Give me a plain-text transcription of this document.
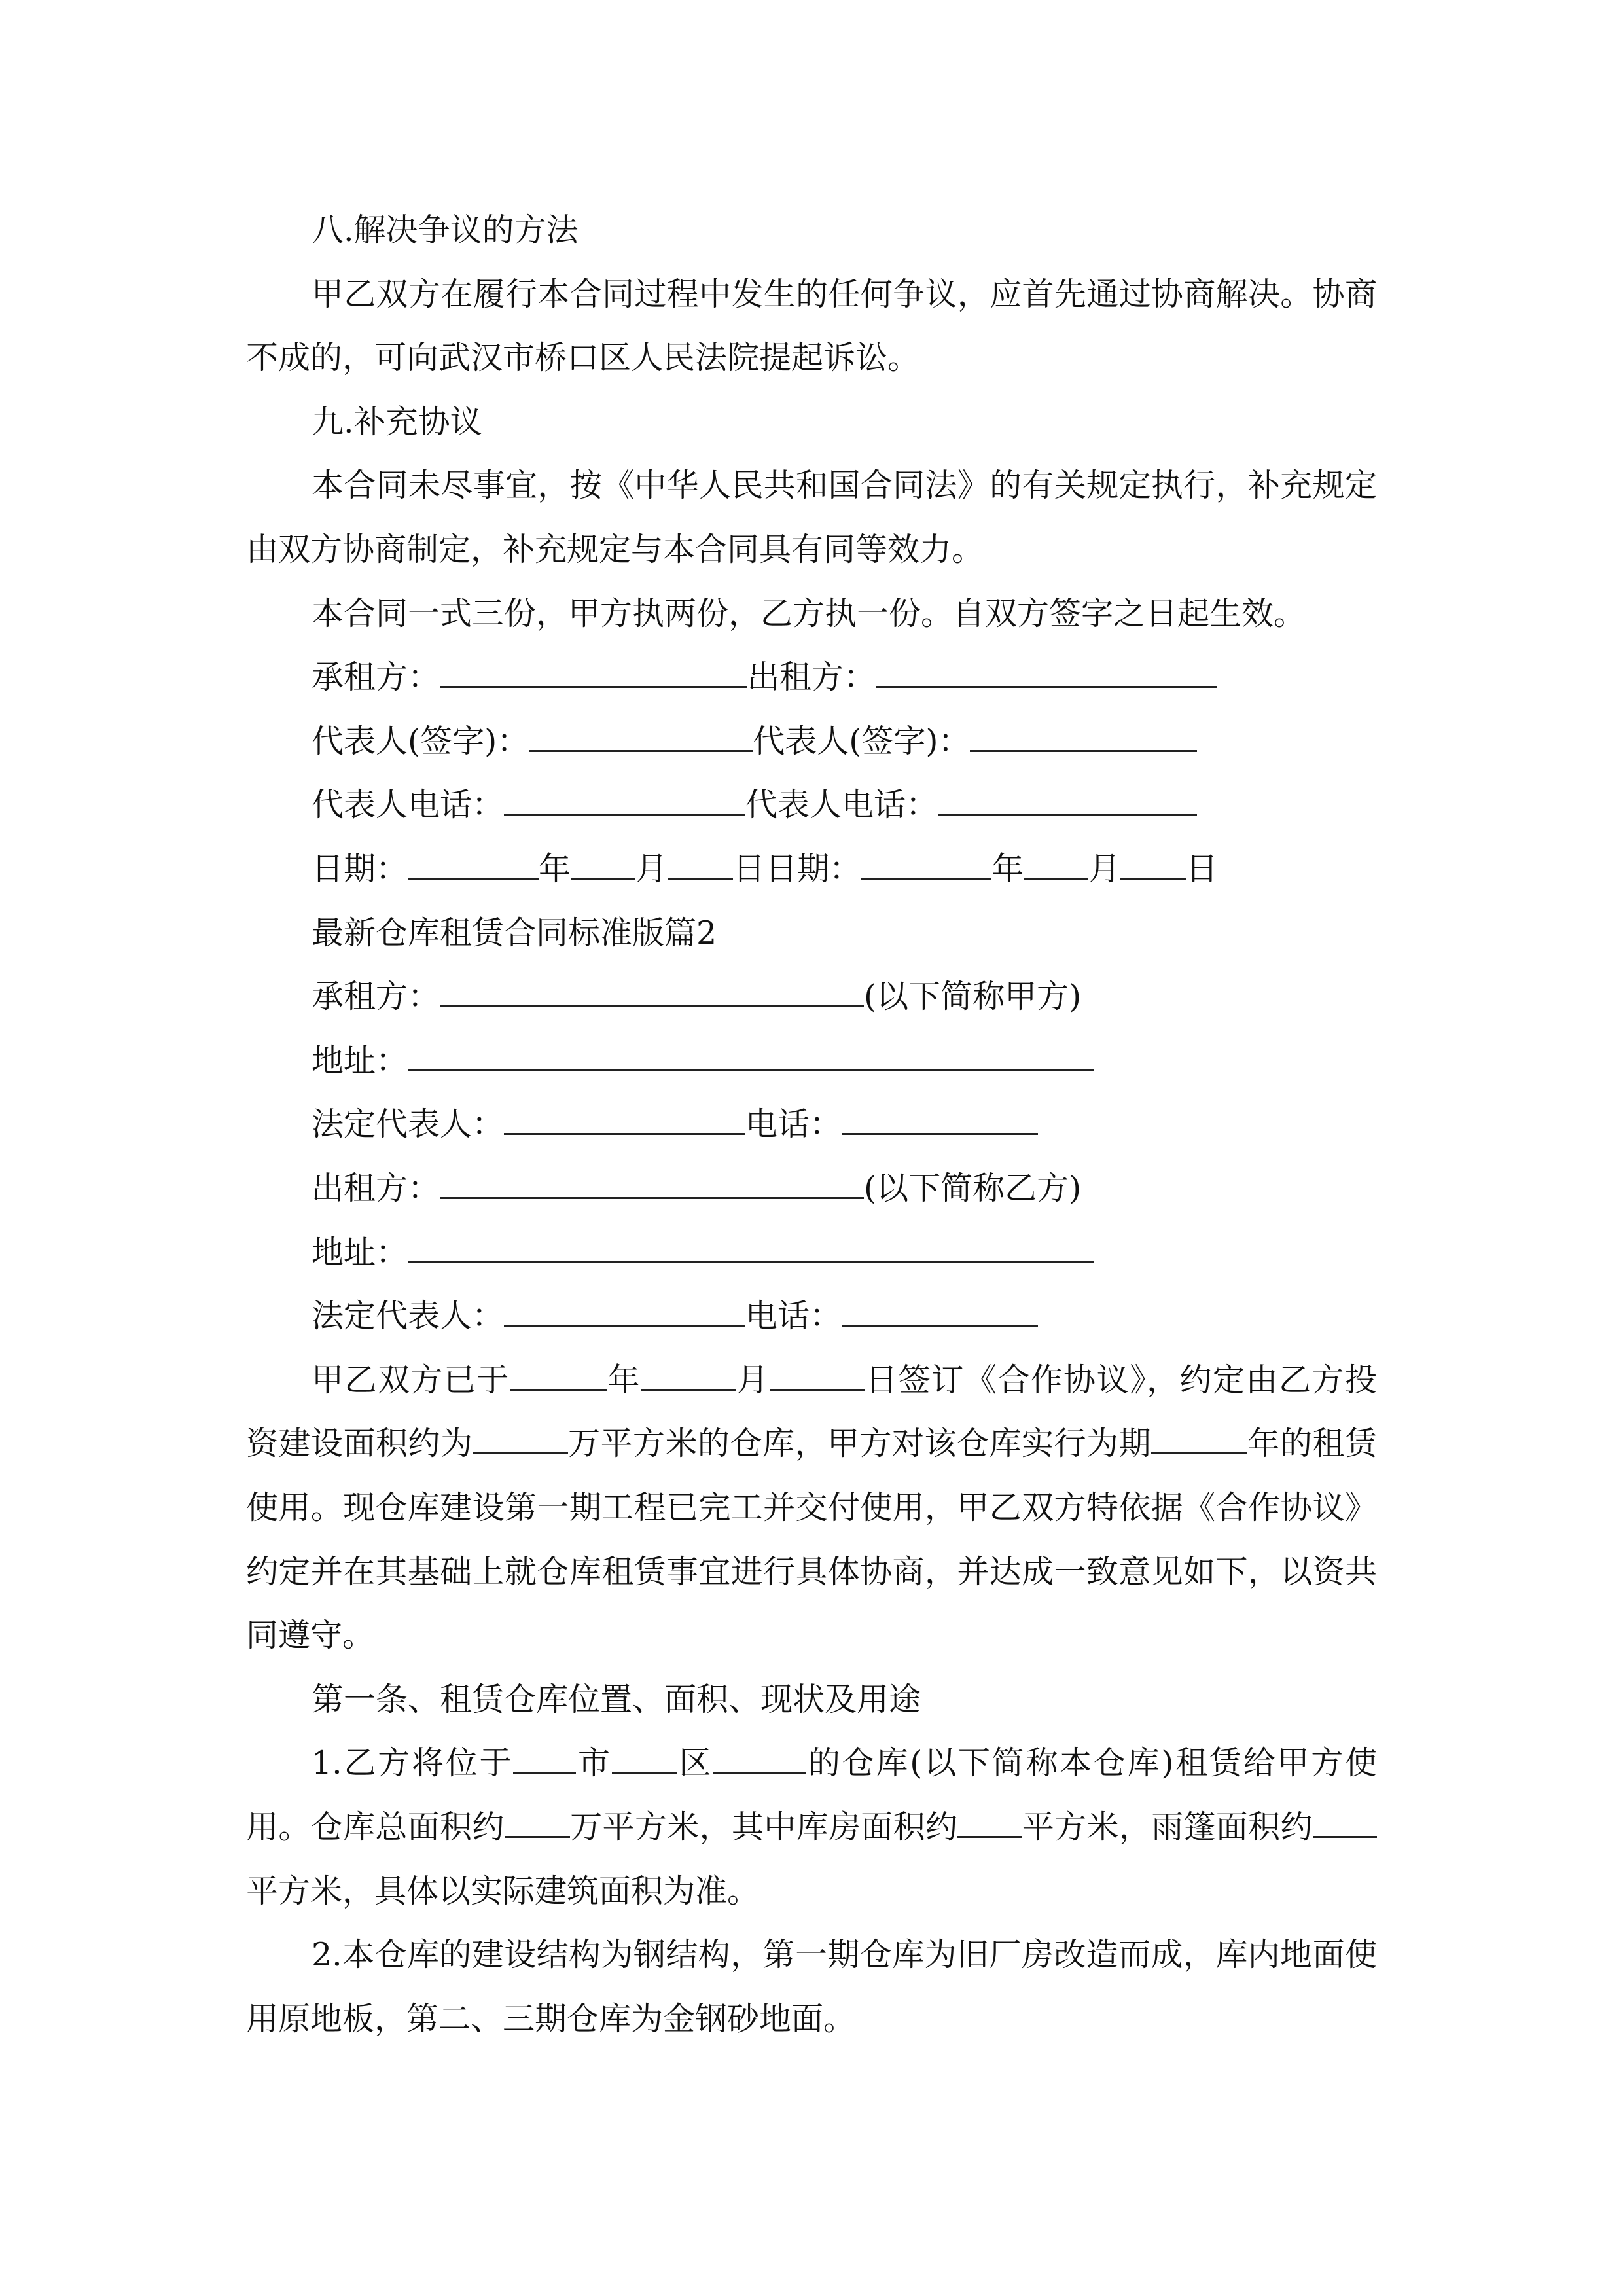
八.解决争议的方法
甲乙双方在履行本合同过程中发生的任何争议，应首先通过协商解决。协商
不成的，可向武汉市桥口区人民法院提起诉讼。
九.补充协议
本合同未尽事宜，按《中华人民共和国合同法》的有关规定执行，补充规定
由双方协商制定，补充规定与本合同具有同等效力。
本合同一式三份，甲方执两份，乙方执一份。自双方签字之日起生效。
承租方：	出租方：
代表人(签字)：	代表人(签字)：
代表人电话：	代表人电话：
日期：	年 月 日日期：	年 月 日
最新仓库租赁合同标准版篇2
承租方：	(以下简称甲方)
地址：
法定代表人：	电话：
出租方：	(以下简称乙方)
地址：
法定代表人：	电话：
甲乙双方已于	年	月	日签订《合作协议》，约定由乙方投
资建设面积约为	万平方米的仓库，甲方对该仓库实行为期	年的租赁
使用。现仓库建设第一期工程已完工并交付使用，甲乙双方特依据《合作协议》
约定并在其基础上就仓库租赁事宜进行具体协商，并达成一致意见如下，以资共
同遵守。
第一条、租赁仓库位置、面积、现状及用途
1.乙方将位于 市 区	的仓库(以下简称本仓库)租赁给甲方使
用。仓库总面积约 万平方米，其中库房面积约 平方米，雨篷面积约
平方米，具体以实际建筑面积为准。
2.本仓库的建设结构为钢结构，第一期仓库为旧厂房改造而成，库内地面使
用原地板，第二、三期仓库为金钢砂地面。
